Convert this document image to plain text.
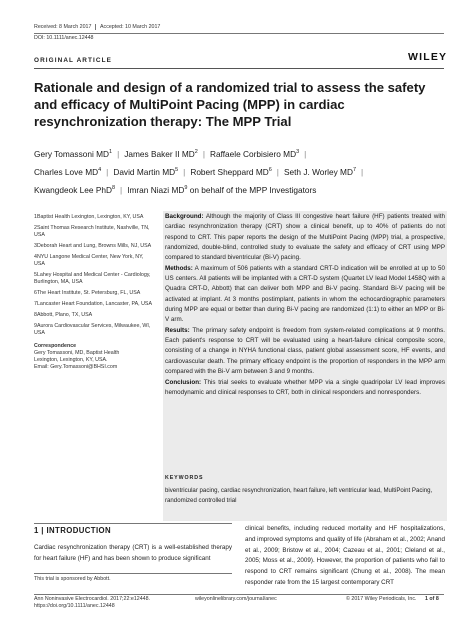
Received: 8 March 2017 Accepted: 10 March 2017
DOI: 10.1111/anec.12448
ORIGINAL ARTICLE	WILEY
Rationale and design of a randomized trial to assess the safety and efficacy of MultiPoint Pacing (MPP) in cardiac resynchronization therapy: The MPP Trial
Gery Tomassoni $MD^1$ | James Baker II $MD^2$ | Raffaele Corbisiero $MD^3$ |
Charles Love $MD^4$ | David Martin $MD^5$ | Robert Sheppard $MD^6$ | Seth J. Worley $MD^7$ |
Kwangdeok Lee PhD$^8$ | Imran Niazi $MD^9$ on behalf of the MPP Investigators

1Baptist Health Lexington, Lexington, KY, USA

2Saint Thomas Research Institute, Nashville, TN, USA

3Deborah Heart and Lung, Browns Mills, NJ, USA

4NYU Langone Medical Center, New York, NY, USA

5Lahey Hospital and Medical Center - Cardiology, Burlington, MA, USA

6The Heart Institute, St. Petersburg, FL, USA

7Lancaster Heart Foundation, Lancaster, PA, USA

8Abbott, Plano, TX, USA

9Aurora Cardiovascular Services, Milwaukee, WI, USA

Correspondence
Gery Tomassoni, MD, Baptist Health
Lexington, Lexington, KY, USA.
Email: Gery.Tomassoni@BHSI.com

Background: Although the majority of Class III congestive heart failure (HF) patients treated with cardiac resynchronization therapy (CRT) show a clinical benefit, up to 40% of patients do not respond to CRT. This paper reports the design of the MultiPoint Pacing (MPP) trial, a prospective, randomized, double-blind, controlled study to evaluate the safety and efficacy of CRT using MPP compared to standard biventricular (Bi-V) pacing.

Methods: A maximum of 506 patients with a standard CRT-D indication will be enrolled at up to 50 US centers. All patients will be implanted with a CRT-D system (Quartet LV lead Model 1458Q with a Quadra CRT-D, Abbott) that can deliver both MPP and Bi-V pacing. Standard Bi-V pacing will be activated at implant. At 3 months postimplant, patients in whom the echocardiographic parameters during MPP are equal or better than during Bi-V pacing are randomized (1:1) to either an MPP or Bi-V arm.

Results: The primary safety endpoint is freedom from system-related complications at 9 months. Each patient's response to CRT will be evaluated using a heart-failure clinical composite score, consisting of a change in NYHA functional class, patient global assessment score, HF events, and cardiovascular death. The primary efficacy endpoint is the proportion of responders in the MPP arm compared with the Bi-V arm between 3 and 9 months.

Conclusion: This trial seeks to evaluate whether MPP via a single quadripolar LV lead improves hemodynamic and clinical responses to CRT, both in clinical responders and nonresponders.

KEYWORDS
biventricular pacing, cardiac resynchronization, heart failure, left ventricular lead, MultiPoint Pacing, randomized controlled trial
1 | INTRODUCTION
Cardiac resynchronization therapy (CRT) is a well-established therapy for heart failure (HF) and has been shown to produce significant
clinical benefits, including reduced mortality and HF hospitalizations, and improved symptoms and quality of life (Abraham et al., 2002; Anand et al., 2009; Bristow et al., 2004; Cazeau et al., 2001; Cleland et al., 2005; Moss et al., 2009). However, the proportion of patients who fail to respond to CRT remains significant (Chung et al., 2008). The mean responder rate from the 15 largest contemporary CRT
This trial is sponsored by Abbott.
Ann Noninvasive Electrocardiol. 2017;22:e12448.
https://doi.org/10.1111/anec.12448
wileyonlinelibrary.com/journal/anec	© 2017 Wiley Periodicals, Inc. 1 of 8
